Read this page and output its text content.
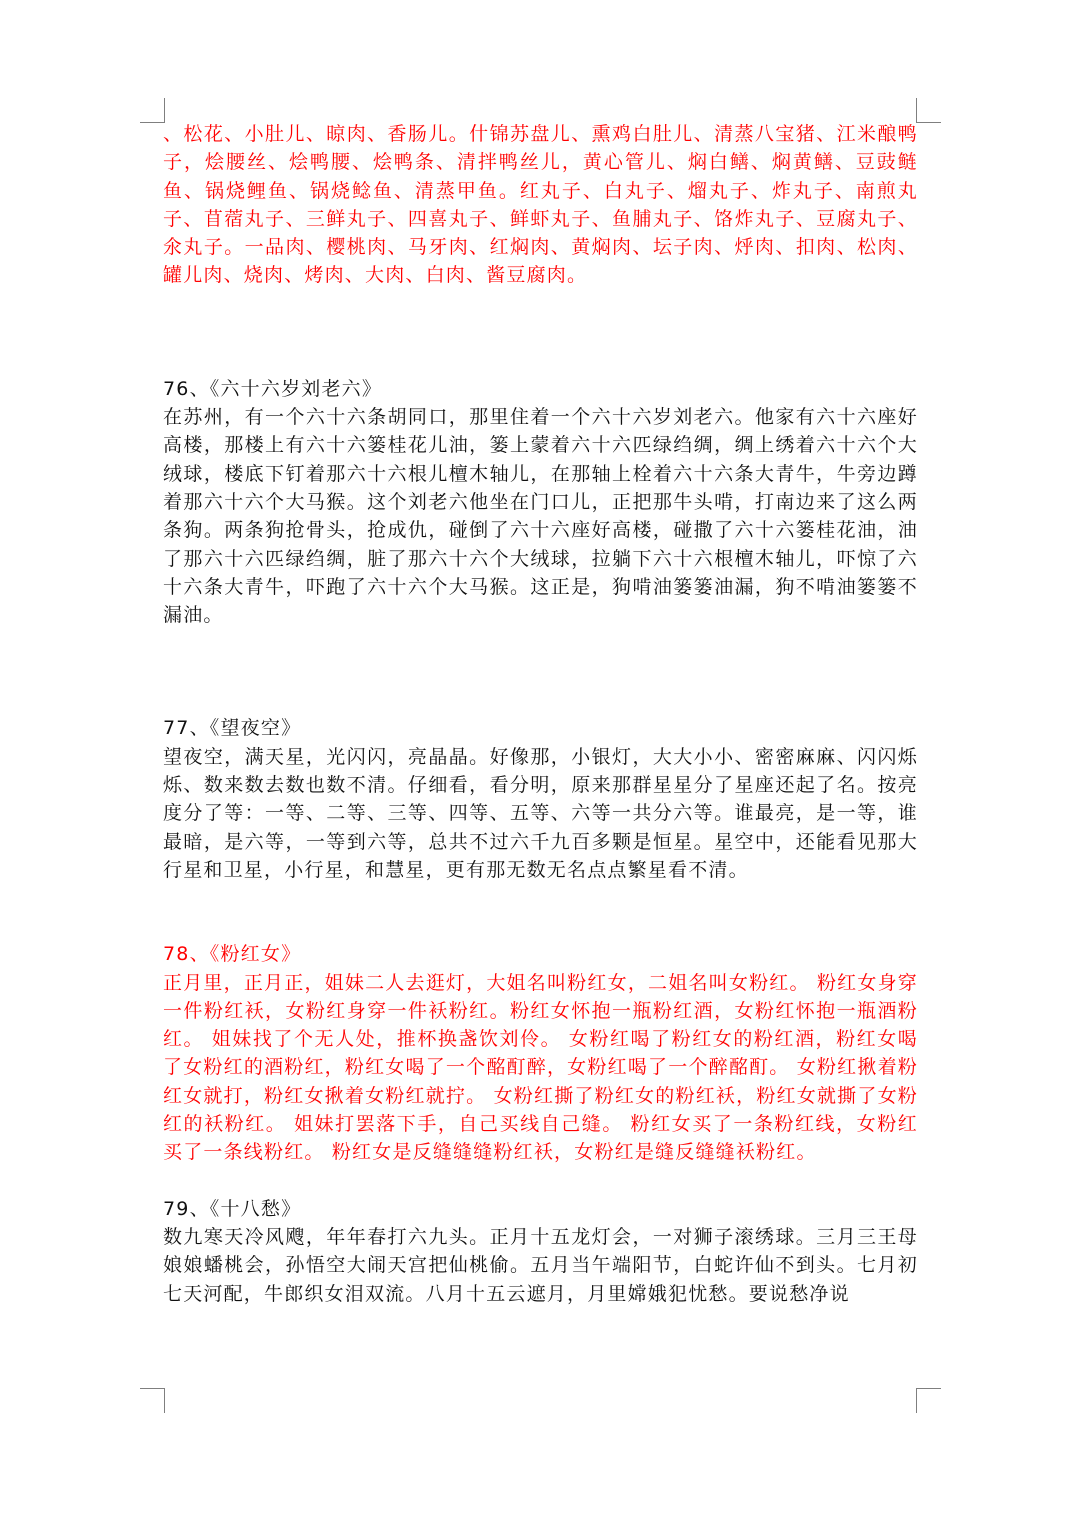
、松花、小肚儿、晾肉、香肠儿。什锦苏盘儿、熏鸡白肚儿、清蒸八宝猪、江米酿鸭子，烩腰丝、烩鸭腰、烩鸭条、清拌鸭丝儿，黄心管儿、焖白鳝、焖黄鳝、豆豉鲢鱼、锅烧鲤鱼、锅烧鲶鱼、清蒸甲鱼。红丸子、白丸子、熘丸子、炸丸子、南煎丸子、苜蓿丸子、三鲜丸子、四喜丸子、鲜虾丸子、鱼脯丸子、饹炸丸子、豆腐丸子、氽丸子。一品肉、樱桃肉、马牙肉、红焖肉、黄焖肉、坛子肉、烀肉、扣肉、松肉、罐儿肉、烧肉、烤肉、大肉、白肉、酱豆腐肉。

76、《六十六岁刘老六》

在苏州，有一个六十六条胡同口，那里住着一个六十六岁刘老六。他家有六十六座好高楼，那楼上有六十六篓桂花儿油，篓上蒙着六十六匹绿绉绸，绸上绣着六十六个大绒球，楼底下钉着那六十六根儿檀木轴儿，在那轴上栓着六十六条大青牛，牛旁边蹲着那六十六个大马猴。这个刘老六他坐在门口儿，正把那牛头啃，打南边来了这么两条狗。两条狗抢骨头，抢成仇，碰倒了六十六座好高楼，碰撒了六十六篓桂花油，油了那六十六匹绿绉绸，脏了那六十六个大绒球，拉躺下六十六根檀木轴儿，吓惊了六十六条大青牛，吓跑了六十六个大马猴。这正是，狗啃油篓篓油漏，狗不啃油篓篓不漏油。

77、《望夜空》

望夜空，满天星，光闪闪，亮晶晶。好像那，小银灯，大大小小、密密麻麻、闪闪烁烁、数来数去数也数不清。仔细看，看分明，原来那群星星分了星座还起了名。按亮度分了等：一等、二等、三等、四等、五等、六等一共分六等。谁最亮，是一等，谁最暗，是六等，一等到六等，总共不过六千九百多颗是恒星。星空中，还能看见那大行星和卫星，小行星，和慧星，更有那无数无名点点繁星看不清。

78、《粉红女》

正月里，正月正，姐妹二人去逛灯，大姐名叫粉红女，二姐名叫女粉红。 粉红女身穿一件粉红袄，女粉红身穿一件袄粉红。粉红女怀抱一瓶粉红酒，女粉红怀抱一瓶酒粉红。 姐妹找了个无人处，推杯换盏饮刘伶。 女粉红喝了粉红女的粉红酒，粉红女喝了女粉红的酒粉红，粉红女喝了一个酩酊醉，女粉红喝了一个醉酩酊。 女粉红揪着粉红女就打，粉红女揪着女粉红就拧。 女粉红撕了粉红女的粉红袄，粉红女就撕了女粉红的袄粉红。 姐妹打罢落下手，自己买线自己缝。 粉红女买了一条粉红线，女粉红买了一条线粉红。 粉红女是反缝缝缝粉红袄，女粉红是缝反缝缝袄粉红。

79、《十八愁》

数九寒天冷风飕，年年春打六九头。正月十五龙灯会，一对狮子滚绣球。三月三王母娘娘蟠桃会，孙悟空大闹天宫把仙桃偷。五月当午端阳节，白蛇许仙不到头。七月初七天河配，牛郎织女泪双流。八月十五云遮月，月里嫦娥犯忧愁。要说愁净说
